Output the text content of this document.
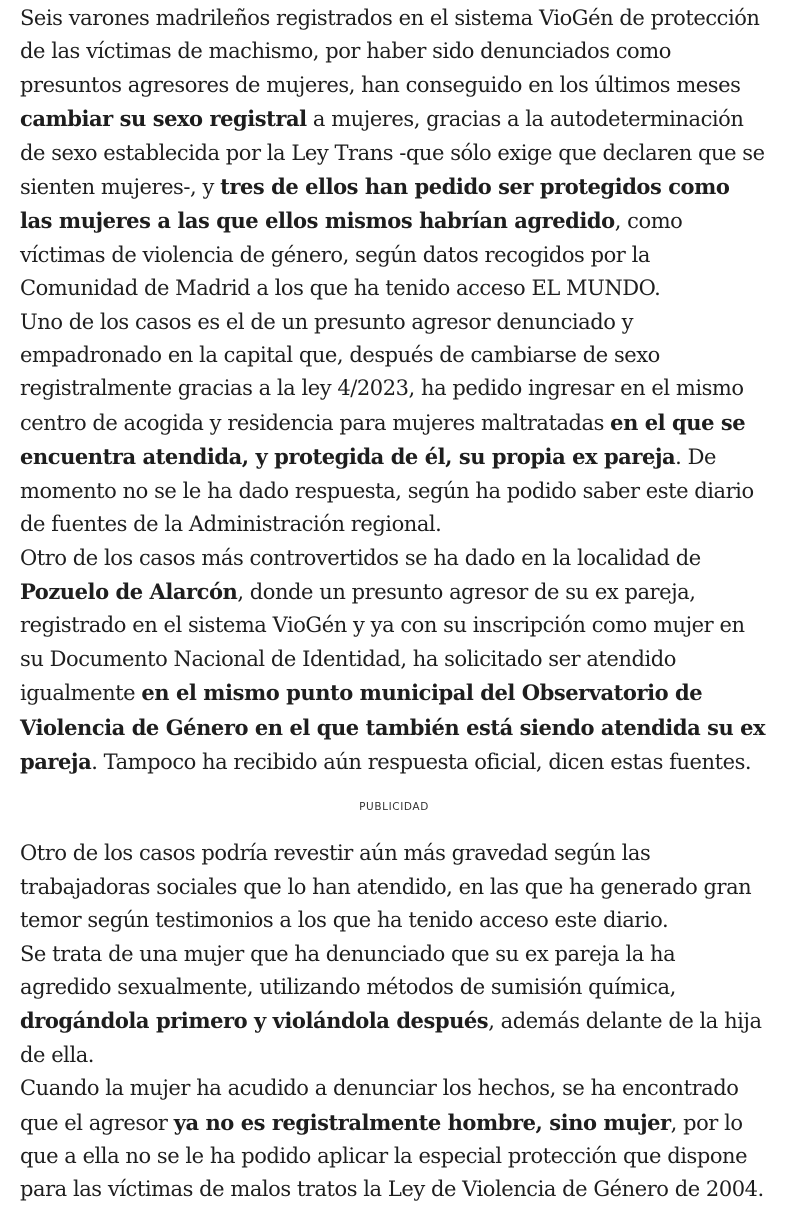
Seis varones madrileños registrados en el sistema VioGén de protección de las víctimas de machismo, por haber sido denunciados como presuntos agresores de mujeres, han conseguido en los últimos meses cambiar su sexo registral a mujeres, gracias a la autodeterminación de sexo establecida por la Ley Trans -que sólo exige que declaren que se sienten mujeres-, y tres de ellos han pedido ser protegidos como las mujeres a las que ellos mismos habrían agredido, como víctimas de violencia de género, según datos recogidos por la Comunidad de Madrid a los que ha tenido acceso EL MUNDO.

Uno de los casos es el de un presunto agresor denunciado y empadronado en la capital que, después de cambiarse de sexo registralmente gracias a la ley 4/2023, ha pedido ingresar en el mismo centro de acogida y residencia para mujeres maltratadas en el que se encuentra atendida, y protegida de él, su propia ex pareja. De momento no se le ha dado respuesta, según ha podido saber este diario de fuentes de la Administración regional.

Otro de los casos más controvertidos se ha dado en la localidad de Pozuelo de Alarcón, donde un presunto agresor de su ex pareja, registrado en el sistema VioGén y ya con su inscripción como mujer en su Documento Nacional de Identidad, ha solicitado ser atendido igualmente en el mismo punto municipal del Observatorio de Violencia de Género en el que también está siendo atendida su ex pareja. Tampoco ha recibido aún respuesta oficial, dicen estas fuentes.

PUBLICIDAD

Otro de los casos podría revestir aún más gravedad según las trabajadoras sociales que lo han atendido, en las que ha generado gran temor según testimonios a los que ha tenido acceso este diario.

Se trata de una mujer que ha denunciado que su ex pareja la ha agredido sexualmente, utilizando métodos de sumisión química, drogándola primero y violándola después, además delante de la hija de ella.

Cuando la mujer ha acudido a denunciar los hechos, se ha encontrado que el agresor ya no es registralmente hombre, sino mujer, por lo que a ella no se le ha podido aplicar la especial protección que dispone para las víctimas de malos tratos la Ley de Violencia de Género de 2004.
